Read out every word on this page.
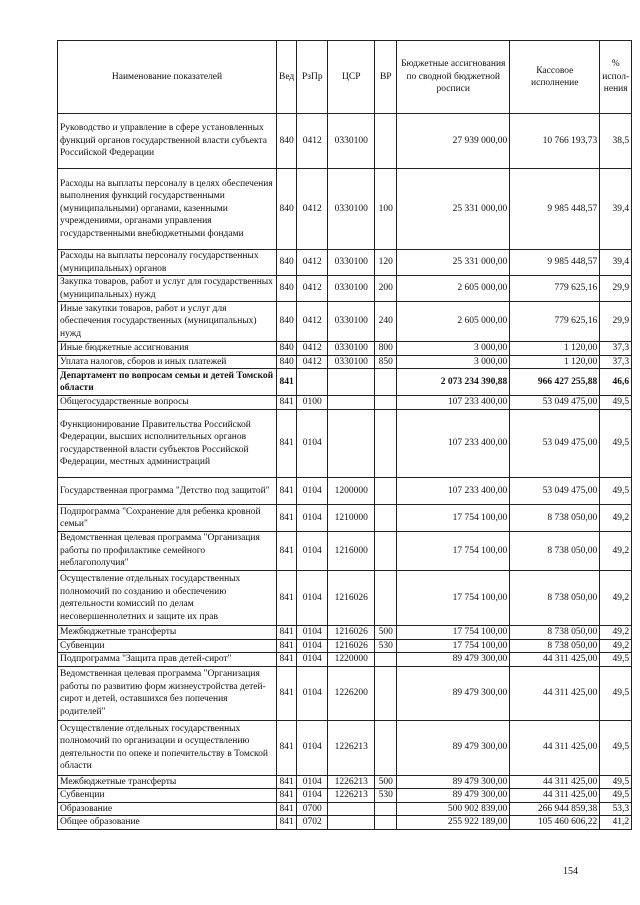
Наименование показателей	Вед	РзПр	ЦСР	ВР	Бюджетные ассигнования по сводной бюджетной росписи	Кассовое исполнение	% испол-нения
Руководство и управление в сфере установленных функций органов государственной власти субъекта Российской Федерации	840	0412	0330100		27 939 000,00	10 766 193,73	38,5
Расходы на выплаты персоналу в целях обеспечения выполнения функций государственными (муниципальными) органами, казенными учреждениями, органами управления государственными внебюджетными фондами	840	0412	0330100	100	25 331 000,00	9 985 448,57	39,4
Расходы на выплаты персоналу государственных (муниципальных) органов	840	0412	0330100	120	25 331 000,00	9 985 448,57	39,4
Закупка товаров, работ и услуг для государственных (муниципальных) нужд	840	0412	0330100	200	2 605 000,00	779 625,16	29,9
Иные закупки товаров, работ и услуг для обеспечения государственных (муниципальных) нужд	840	0412	0330100	240	2 605 000,00	779 625,16	29,9
Иные бюджетные ассигнования	840	0412	0330100	800	3 000,00	1 120,00	37,3
Уплата налогов, сборов и иных платежей	840	0412	0330100	850	3 000,00	1 120,00	37,3
Департамент по вопросам семьи и детей Томской области	841				2 073 234 390,88	966 427 255,88	46,6
Общегосударственные вопросы	841	0100			107 233 400,00	53 049 475,00	49,5
Функционирование Правительства Российской Федерации, высших исполнительных органов государственной власти субъектов Российской Федерации, местных администраций	841	0104			107 233 400,00	53 049 475,00	49,5
Государственная программа "Детство под защитой"	841	0104	1200000		107 233 400,00	53 049 475,00	49,5
Подпрограмма "Сохранение для ребенка кровной семьи"	841	0104	1210000		17 754 100,00	8 738 050,00	49,2
Ведомственная целевая программа "Организация работы по профилактике семейного неблагополучия"	841	0104	1216000		17 754 100,00	8 738 050,00	49,2
Осуществление отдельных государственных полномочий по созданию и обеспечению деятельности комиссий по делам несовершеннолетних и защите их прав	841	0104	1216026		17 754 100,00	8 738 050,00	49,2
Межбюджетные трансферты	841	0104	1216026	500	17 754 100,00	8 738 050,00	49,2
Субвенции	841	0104	1216026	530	17 754 100,00	8 738 050,00	49,2
Подпрограмма "Защита прав детей-сирот"	841	0104	1220000		89 479 300,00	44 311 425,00	49,5
Ведомственная целевая программа "Организация работы по развитию форм жизнеустройства детей-сирот и детей, оставшихся без попечения родителей"	841	0104	1226200		89 479 300,00	44 311 425,00	49,5
Осуществление отдельных государственных полномочий по организации и осуществлению деятельности по опеке и попечительству в Томской области	841	0104	1226213		89 479 300,00	44 311 425,00	49,5
Межбюджетные трансферты	841	0104	1226213	500	89 479 300,00	44 311 425,00	49,5
Субвенции	841	0104	1226213	530	89 479 300,00	44 311 425,00	49,5
Образование	841	0700			500 902 839,00	266 944 859,38	53,3
Общее образование	841	0702			255 922 189,00	105 460 606,22	41,2
154
